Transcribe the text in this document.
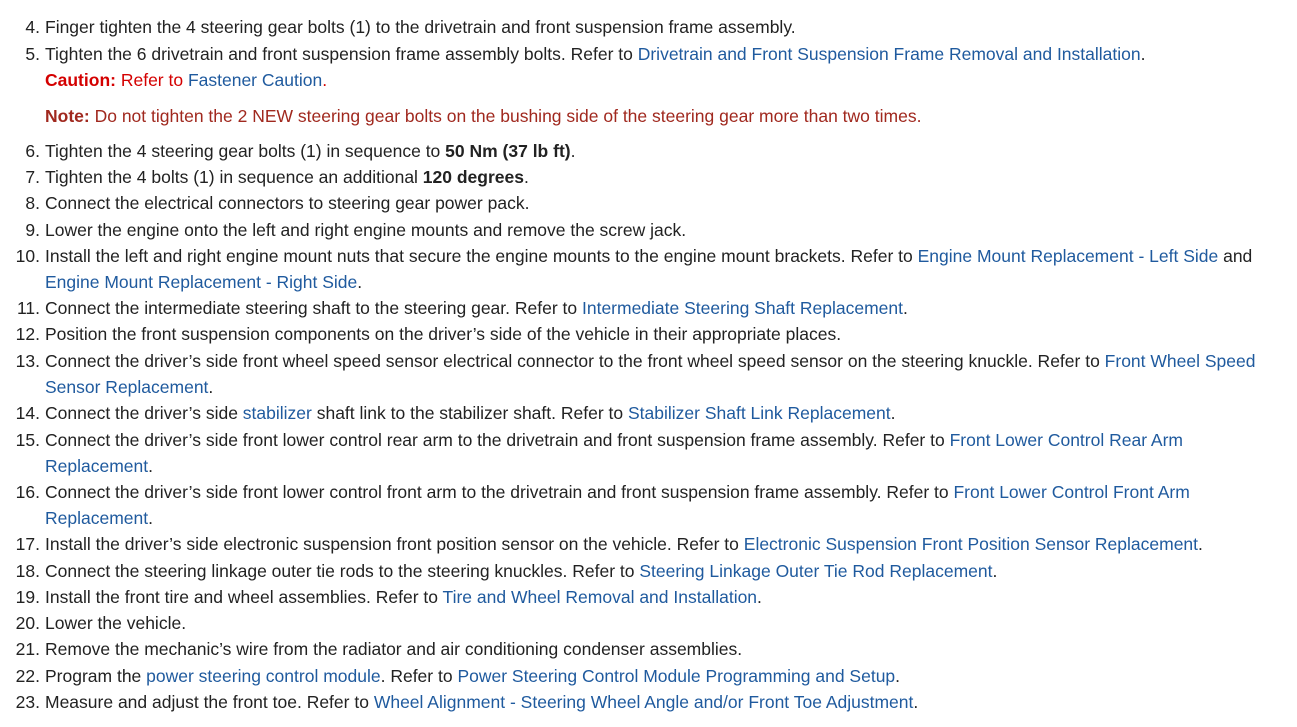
4. Finger tighten the 4 steering gear bolts (1) to the drivetrain and front suspension frame assembly.
5. Tighten the 6 drivetrain and front suspension frame assembly bolts. Refer to Drivetrain and Front Suspension Frame Removal and Installation.
Caution: Refer to Fastener Caution.
Note: Do not tighten the 2 NEW steering gear bolts on the bushing side of the steering gear more than two times.
6. Tighten the 4 steering gear bolts (1) in sequence to 50 Nm (37 lb ft).
7. Tighten the 4 bolts (1) in sequence an additional 120 degrees.
8. Connect the electrical connectors to steering gear power pack.
9. Lower the engine onto the left and right engine mounts and remove the screw jack.
10. Install the left and right engine mount nuts that secure the engine mounts to the engine mount brackets. Refer to Engine Mount Replacement - Left Side and Engine Mount Replacement - Right Side.
11. Connect the intermediate steering shaft to the steering gear. Refer to Intermediate Steering Shaft Replacement.
12. Position the front suspension components on the driver’s side of the vehicle in their appropriate places.
13. Connect the driver’s side front wheel speed sensor electrical connector to the front wheel speed sensor on the steering knuckle. Refer to Front Wheel Speed Sensor Replacement.
14. Connect the driver’s side stabilizer shaft link to the stabilizer shaft. Refer to Stabilizer Shaft Link Replacement.
15. Connect the driver’s side front lower control rear arm to the drivetrain and front suspension frame assembly. Refer to Front Lower Control Rear Arm Replacement.
16. Connect the driver’s side front lower control front arm to the drivetrain and front suspension frame assembly. Refer to Front Lower Control Front Arm Replacement.
17. Install the driver’s side electronic suspension front position sensor on the vehicle. Refer to Electronic Suspension Front Position Sensor Replacement.
18. Connect the steering linkage outer tie rods to the steering knuckles. Refer to Steering Linkage Outer Tie Rod Replacement.
19. Install the front tire and wheel assemblies. Refer to Tire and Wheel Removal and Installation.
20. Lower the vehicle.
21. Remove the mechanic’s wire from the radiator and air conditioning condenser assemblies.
22. Program the power steering control module. Refer to Power Steering Control Module Programming and Setup.
23. Measure and adjust the front toe. Refer to Wheel Alignment - Steering Wheel Angle and/or Front Toe Adjustment.
